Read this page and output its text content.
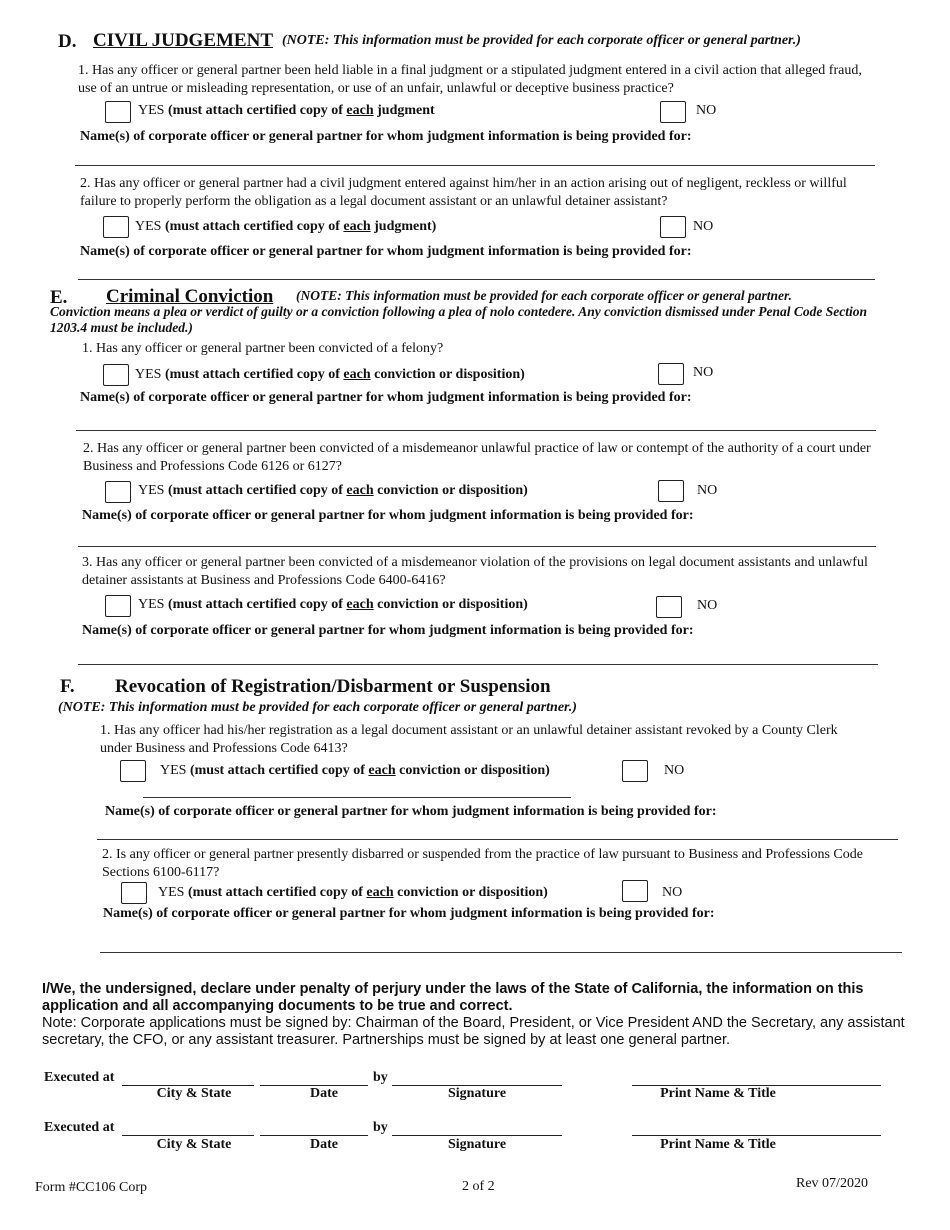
D. CIVIL JUDGEMENT (NOTE: This information must be provided for each corporate officer or general partner.)
1. Has any officer or general partner been held liable in a final judgment or a stipulated judgment entered in a civil action that alleged fraud, use of an untrue or misleading representation, or use of an unfair, unlawful or deceptive business practice?
YES (must attach certified copy of each judgment	NO
Name(s) of corporate officer or general partner for whom judgment information is being provided for:
2. Has any officer or general partner had a civil judgment entered against him/her in an action arising out of negligent, reckless or willful failure to properly perform the obligation as a legal document assistant or an unlawful detainer assistant?
YES (must attach certified copy of each judgment)	NO
Name(s) of corporate officer or general partner for whom judgment information is being provided for:
E. Criminal Conviction (NOTE: This information must be provided for each corporate officer or general partner.
Conviction means a plea or verdict of guilty or a conviction following a plea of nolo contedere. Any conviction dismissed under Penal Code Section 1203.4 must be included.)
1. Has any officer or general partner been convicted of a felony?
YES (must attach certified copy of each conviction or disposition)	NO
Name(s) of corporate officer or general partner for whom judgment information is being provided for:
2. Has any officer or general partner been convicted of a misdemeanor unlawful practice of law or contempt of the authority of a court under Business and Professions Code 6126 or 6127?
YES (must attach certified copy of each conviction or disposition)	NO
Name(s) of corporate officer or general partner for whom judgment information is being provided for:
3. Has any officer or general partner been convicted of a misdemeanor violation of the provisions on legal document assistants and unlawful detainer assistants at Business and Professions Code 6400-6416?
YES (must attach certified copy of each conviction or disposition)	NO
Name(s) of corporate officer or general partner for whom judgment information is being provided for:
F. Revocation of Registration/Disbarment or Suspension
(NOTE: This information must be provided for each corporate officer or general partner.)
1. Has any officer had his/her registration as a legal document assistant or an unlawful detainer assistant revoked by a County Clerk under Business and Professions Code 6413?
YES (must attach certified copy of each conviction or disposition)	NO
Name(s) of corporate officer or general partner for whom judgment information is being provided for:
2. Is any officer or general partner presently disbarred or suspended from the practice of law pursuant to Business and Professions Code Sections 6100-6117?
YES (must attach certified copy of each conviction or disposition)	NO
Name(s) of corporate officer or general partner for whom judgment information is being provided for:
I/We, the undersigned, declare under penalty of perjury under the laws of the State of California, the information on this application and all accompanying documents to be true and correct.
Note: Corporate applications must be signed by: Chairman of the Board, President, or Vice President AND the Secretary, any assistant secretary, the CFO, or any assistant treasurer. Partnerships must be signed by at least one general partner.
Executed at	by
City & State	Date	Signature	Print Name & Title
Executed at	by
City & State	Date	Signature	Print Name & Title
Form #CC106 Corp	2 of 2	Rev 07/2020
